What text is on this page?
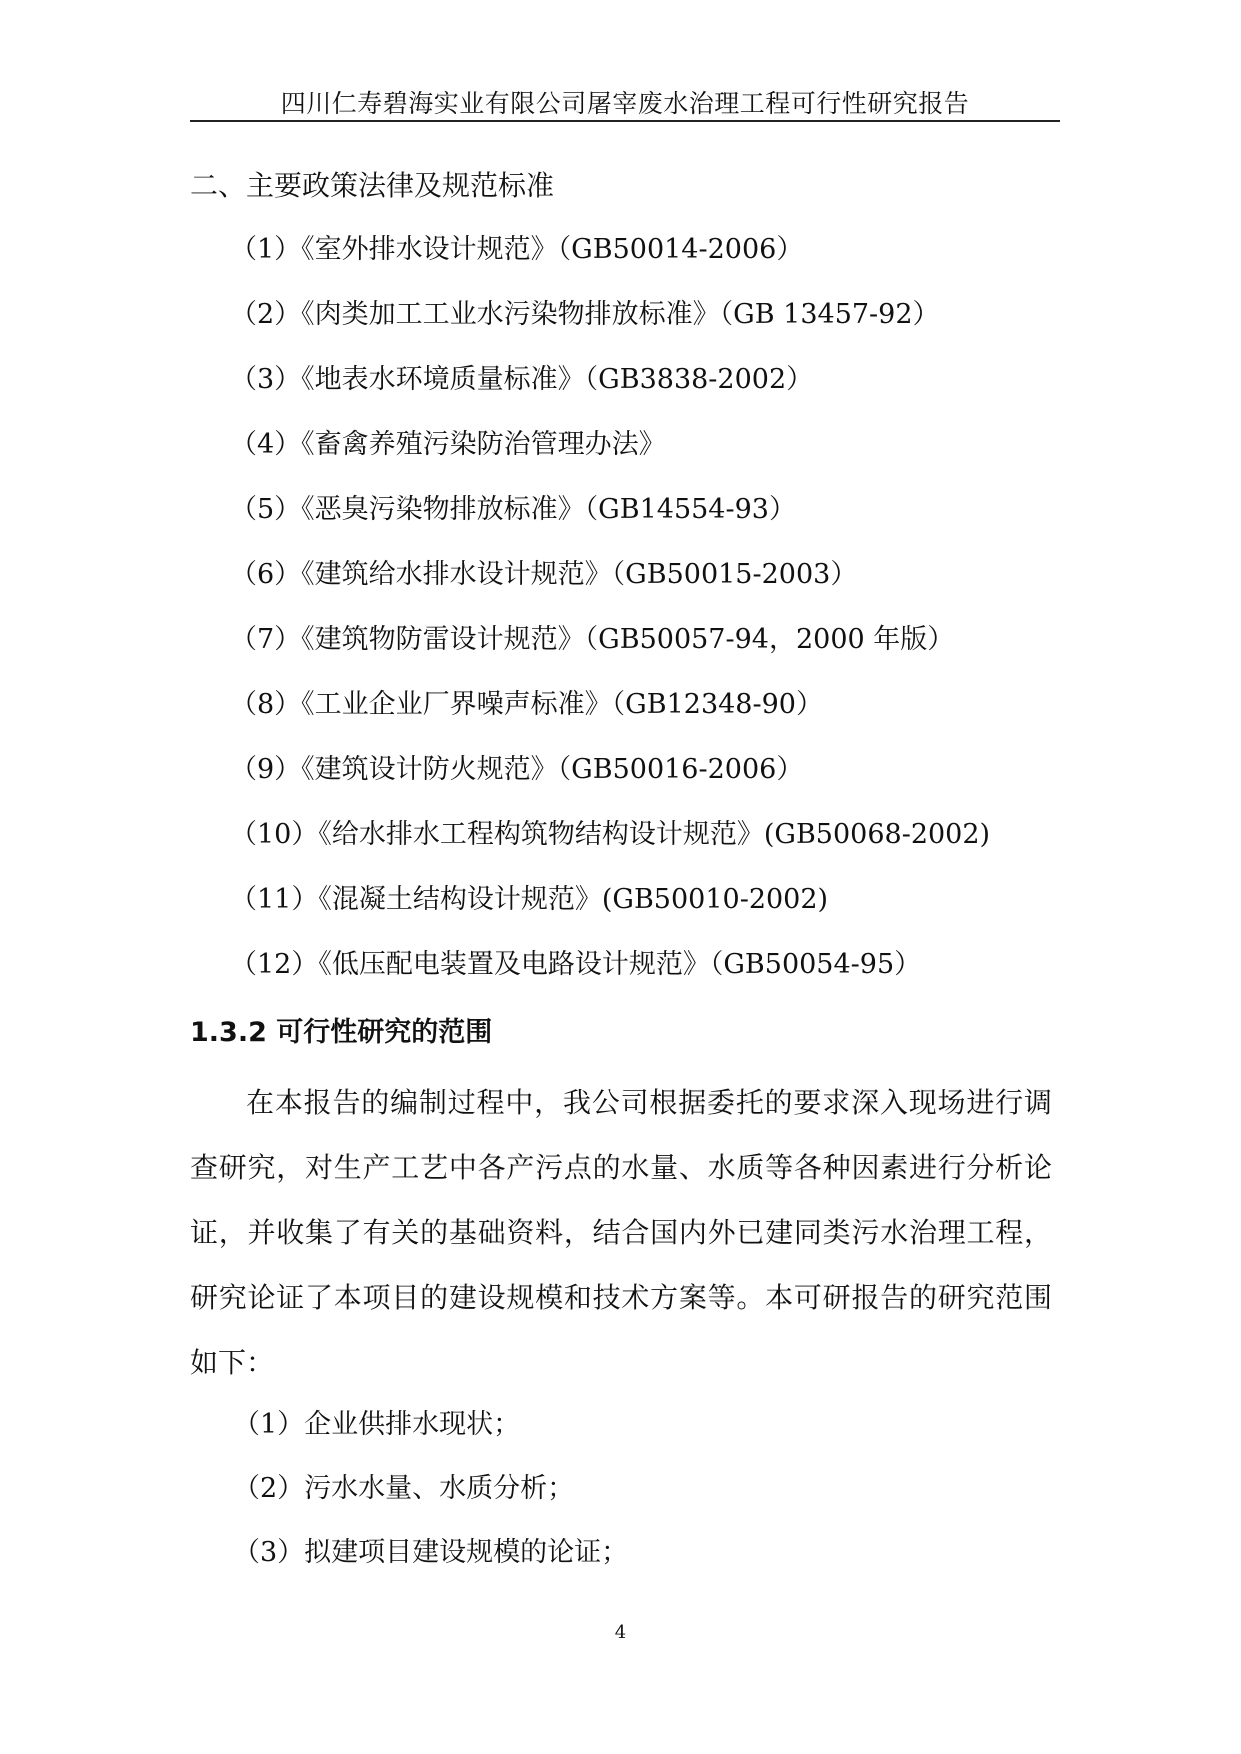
四川仁寿碧海实业有限公司屠宰废水治理工程可行性研究报告
二、主要政策法律及规范标准
（1）《室外排水设计规范》（GB50014-2006）
（2）《肉类加工工业水污染物排放标准》（GB 13457-92）
（3）《地表水环境质量标准》（GB3838-2002）
（4）《畜禽养殖污染防治管理办法》
（5）《恶臭污染物排放标准》（GB14554-93）
（6）《建筑给水排水设计规范》（GB50015-2003）
（7）《建筑物防雷设计规范》（GB50057-94，2000 年版）
（8）《工业企业厂界噪声标准》（GB12348-90）
（9）《建筑设计防火规范》（GB50016-2006）
（10）《给水排水工程构筑物结构设计规范》(GB50068-2002)
（11）《混凝土结构设计规范》(GB50010-2002)
（12）《低压配电装置及电路设计规范》（GB50054-95）
1.3.2 可行性研究的范围

在本报告的编制过程中，我公司根据委托的要求深入现场进行调查研究，对生产工艺中各产污点的水量、水质等各种因素进行分析论证，并收集了有关的基础资料，结合国内外已建同类污水治理工程，研究论证了本项目的建设规模和技术方案等。本可研报告的研究范围如下：

（1）企业供排水现状；
（2）污水水量、水质分析；
（3）拟建项目建设规模的论证；
4
